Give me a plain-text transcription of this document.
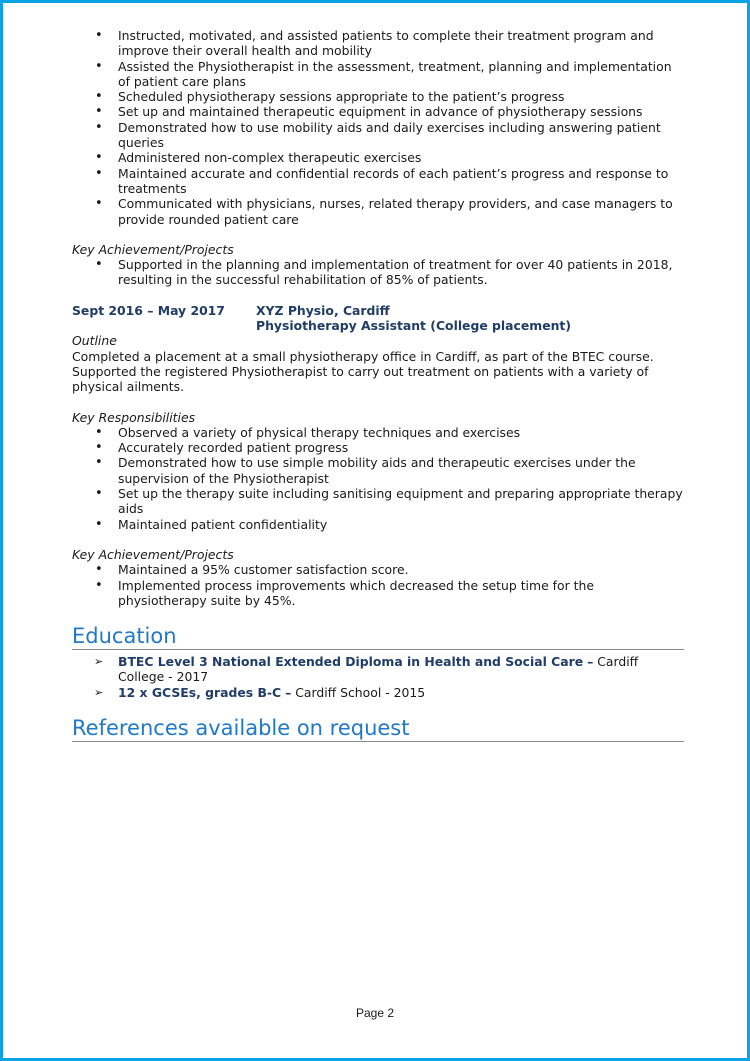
• Instructed, motivated, and assisted patients to complete their treatment program and improve their overall health and mobility
• Assisted the Physiotherapist in the assessment, treatment, planning and implementation of patient care plans
• Scheduled physiotherapy sessions appropriate to the patient’s progress
• Set up and maintained therapeutic equipment in advance of physiotherapy sessions
• Demonstrated how to use mobility aids and daily exercises including answering patient queries
• Administered non-complex therapeutic exercises
• Maintained accurate and confidential records of each patient’s progress and response to treatments
• Communicated with physicians, nurses, related therapy providers, and case managers to provide rounded patient care
Key Achievement/Projects
• Supported in the planning and implementation of treatment for over 40 patients in 2018, resulting in the successful rehabilitation of 85% of patients.
Sept 2016 – May 2017	XYZ Physio, Cardiff
Physiotherapy Assistant (College placement)
Outline

Completed a placement at a small physiotherapy office in Cardiff, as part of the BTEC course. Supported the registered Physiotherapist to carry out treatment on patients with a variety of physical ailments.

Key Responsibilities
• Observed a variety of physical therapy techniques and exercises
• Accurately recorded patient progress
• Demonstrated how to use simple mobility aids and therapeutic exercises under the supervision of the Physiotherapist
• Set up the therapy suite including sanitising equipment and preparing appropriate therapy aids
• Maintained patient confidentiality
Key Achievement/Projects
• Maintained a 95% customer satisfaction score.
• Implemented process improvements which decreased the setup time for the physiotherapy suite by 45%.
Education
➢ BTEC Level 3 National Extended Diploma in Health and Social Care – Cardiff College - 2017
➢ 12 x GCSEs, grades B-C – Cardiff School - 2015
References available on request
Page 2
